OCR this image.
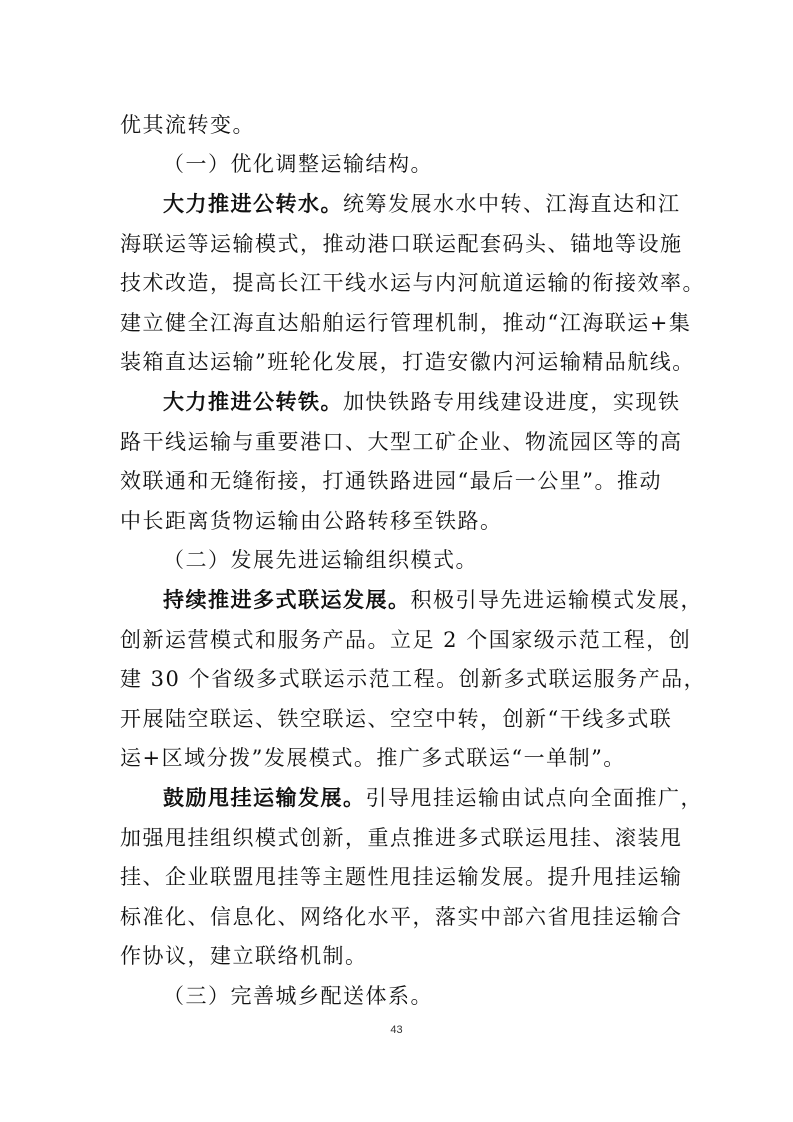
优其流转变。
（一）优化调整运输结构。
大力推进公转水。统筹发展水水中转、江海直达和江
海联运等运输模式，推动港口联运配套码头、锚地等设施
技术改造，提高长江干线水运与内河航道运输的衔接效率。
建立健全江海直达船舶运行管理机制，推动“江海联运+集
装箱直达运输”班轮化发展，打造安徽内河运输精品航线。
大力推进公转铁。加快铁路专用线建设进度，实现铁
路干线运输与重要港口、大型工矿企业、物流园区等的高
效联通和无缝衔接，打通铁路进园“最后一公里”。推动
中长距离货物运输由公路转移至铁路。
（二）发展先进运输组织模式。
持续推进多式联运发展。积极引导先进运输模式发展，
创新运营模式和服务产品。立足 2 个国家级示范工程，创
建 30 个省级多式联运示范工程。创新多式联运服务产品，
开展陆空联运、铁空联运、空空中转，创新“干线多式联
运+区域分拨”发展模式。推广多式联运“一单制”。
鼓励甩挂运输发展。引导甩挂运输由试点向全面推广，
加强甩挂组织模式创新，重点推进多式联运甩挂、滚装甩
挂、企业联盟甩挂等主题性甩挂运输发展。提升甩挂运输
标准化、信息化、网络化水平，落实中部六省甩挂运输合
作协议，建立联络机制。
（三）完善城乡配送体系。
43
